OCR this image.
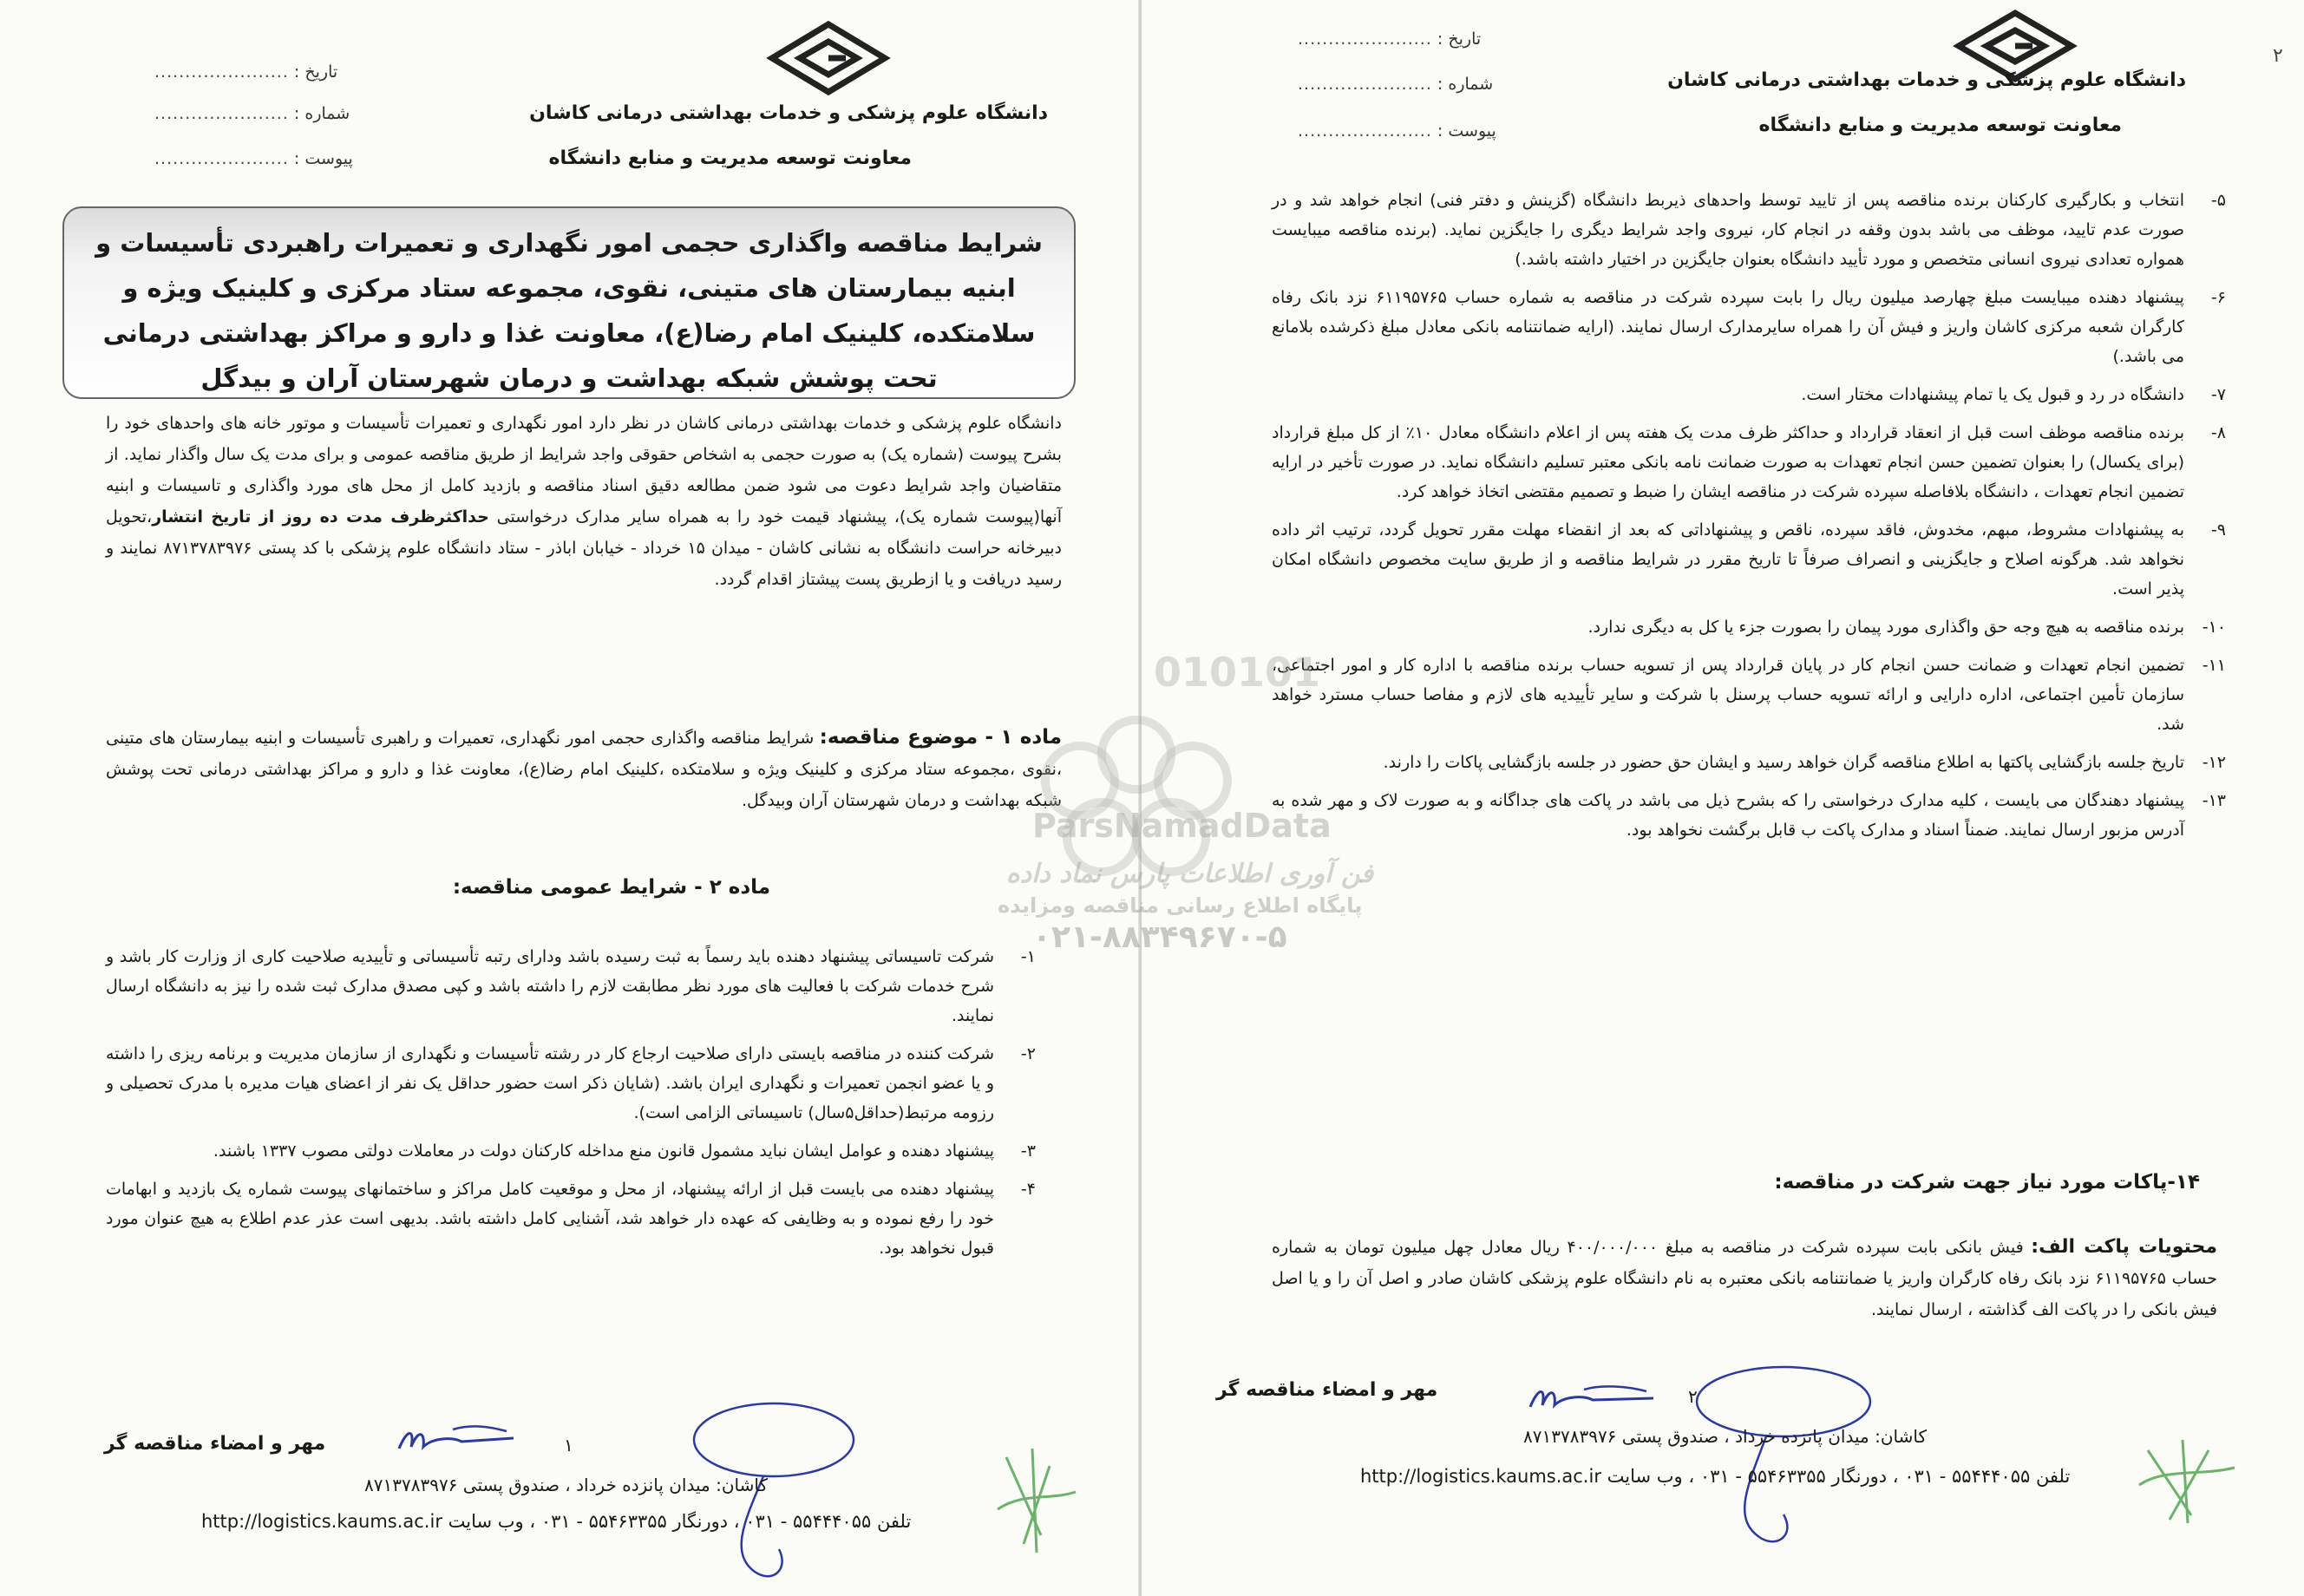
دانشگاه علوم پزشکی و خدمات بهداشتی درمانی کاشان
معاونت توسعه مدیریت و منابع دانشگاه
تاریخ : ......................
شماره : ......................
پیوست : ......................
شرایط مناقصه واگذاری حجمی امور نگهداری و تعمیرات راهبردی تأسیسات و ابنیه بیمارستان های متینی، نقوی، مجموعه ستاد مرکزی و کلینیک ویژه و سلامتکده، کلینیک امام رضا(ع)، معاونت غذا و دارو و مراکز بهداشتی درمانی تحت پوشش شبکه بهداشت و درمان شهرستان آران و بیدگل
دانشگاه علوم پزشکی و خدمات بهداشتی درمانی کاشان در نظر دارد امور نگهداری و تعمیرات تأسیسات و موتور خانه های واحدهای خود را بشرح پیوست (شماره یک) به صورت حجمی به اشخاص حقوقی واجد شرایط از طریق مناقصه عمومی و برای مدت یک سال واگذار نماید. از متقاضیان واجد شرایط دعوت می شود ضمن مطالعه دقیق اسناد مناقصه و بازدید کامل از محل های مورد واگذاری و تاسیسات و ابنیه آنها(پیوست شماره یک)، پیشنهاد قیمت خود را به همراه سایر مدارک درخواستی حداکثرظرف مدت ده روز از تاریخ انتشار،تحویل دبیرخانه حراست دانشگاه به نشانی کاشان - میدان ۱۵ خرداد - خیابان اباذر - ستاد دانشگاه علوم پزشکی با کد پستی ۸۷۱۳۷۸۳۹۷۶ نمایند و رسید دریافت و یا ازطریق پست پیشتاز اقدام گردد.
ماده ۱ - موضوع مناقصه: شرایط مناقصه واگذاری حجمی امور نگهداری، تعمیرات و راهبری تأسیسات و ابنیه بیمارستان های متینی ،نقوی ،مجموعه ستاد مرکزی و کلینیک ویژه و سلامتکده ،کلینیک امام رضا(ع)، معاونت غذا و دارو و مراکز بهداشتی درمانی تحت پوشش شبکه بهداشت و درمان شهرستان آران وبیدگل.
ماده ۲ - شرایط عمومی مناقصه:
۱-
شرکت تاسیساتی پیشنهاد دهنده باید رسماً به ثبت رسیده باشد ودارای رتبه تأسیساتی و تأییدیه صلاحیت کاری از وزارت کار باشد و شرح خدمات شرکت با فعالیت های مورد نظر مطابقت لازم را داشته باشد و کپی مصدق مدارک ثبت شده را نیز به دانشگاه ارسال نمایند.
۲-
شرکت کننده در مناقصه بایستی دارای صلاحیت ارجاع کار در رشته تأسیسات و نگهداری از سازمان مدیریت و برنامه ریزی را داشته و یا عضو انجمن تعمیرات و نگهداری ایران باشد. (شایان ذکر است حضور حداقل یک نفر از اعضای هیات مدیره با مدرک تحصیلی و رزومه مرتبط(حداقل۵سال) تاسیساتی الزامی است).
۳-
پیشنهاد دهنده و عوامل ایشان نباید مشمول قانون منع مداخله کارکنان دولت در معاملات دولتی مصوب ۱۳۳۷ باشند.
۴-
پیشنهاد دهنده می بایست قبل از ارائه پیشنهاد، از محل و موقعیت کامل مراکز و ساختمانهای پیوست شماره یک بازدید و ابهامات خود را رفع نموده و به وظایفی که عهده دار خواهد شد، آشنایی کامل داشته باشد. بدیهی است عذر عدم اطلاع به هیچ عنوان مورد قبول نخواهد بود.
مهر و امضاء مناقصه گر	۱
کاشان: میدان پانزده خرداد ، صندوق پستی ۸۷۱۳۷۸۳۹۷۶
تلفن ۵۵۴۴۴۰۵۵ - ۰۳۱ ، دورنگار ۵۵۴۶۳۳۵۵ - ۰۳۱ ، وب سایت http://logistics.kaums.ac.ir
۲
دانشگاه علوم پزشکی و خدمات بهداشتی درمانی کاشان
معاونت توسعه مدیریت و منابع دانشگاه
تاریخ : ......................
شماره : ......................
پیوست : ......................
۵-
انتخاب و بکارگیری کارکنان برنده مناقصه پس از تایید توسط واحدهای ذیربط دانشگاه (گزینش و دفتر فنی) انجام خواهد شد و در صورت عدم تایید، موظف می باشد بدون وقفه در انجام کار، نیروی واجد شرایط دیگری را جایگزین نماید. (برنده مناقصه میبایست همواره تعدادی نیروی انسانی متخصص و مورد تأیید دانشگاه بعنوان جایگزین در اختیار داشته باشد.)
۶-
پیشنهاد دهنده میبایست مبلغ چهارصد میلیون ریال را بابت سپرده شرکت در مناقصه به شماره حساب ۶۱۱۹۵۷۶۵ نزد بانک رفاه کارگران شعبه مرکزی کاشان واریز و فیش آن را همراه سایرمدارک ارسال نمایند. (ارایه ضمانتنامه بانکی معادل مبلغ ذکرشده بلامانع می باشد.)
۷-
دانشگاه در رد و قبول یک یا تمام پیشنهادات مختار است.
۸-
برنده مناقصه موظف است قبل از انعقاد قرارداد و حداکثر ظرف مدت یک هفته پس از اعلام دانشگاه معادل ۱۰٪ از کل مبلغ قرارداد (برای یکسال) را بعنوان تضمین حسن انجام تعهدات به صورت ضمانت نامه بانکی معتبر تسلیم دانشگاه نماید. در صورت تأخیر در ارایه تضمین انجام تعهدات ، دانشگاه بلافاصله سپرده شرکت در مناقصه ایشان را ضبط و تصمیم مقتضی اتخاذ خواهد کرد.
۹-
به پیشنهادات مشروط، مبهم، مخدوش، فاقد سپرده، ناقص و پیشنهاداتی که بعد از انقضاء مهلت مقرر تحویل گردد، ترتیب اثر داده نخواهد شد. هرگونه اصلاح و جایگزینی و انصراف صرفاً تا تاریخ مقرر در شرایط مناقصه و از طریق سایت مخصوص دانشگاه امکان پذیر است.
۱۰-
برنده مناقصه به هیچ وجه حق واگذاری مورد پیمان را بصورت جزء یا کل به دیگری ندارد.
۱۱-
تضمین انجام تعهدات و ضمانت حسن انجام کار در پایان قرارداد پس از تسویه حساب برنده مناقصه با اداره کار و امور اجتماعی، سازمان تأمین اجتماعی، اداره دارایی و ارائه تسویه حساب پرسنل با شرکت و سایر تأییدیه های لازم و مفاصا حساب مسترد خواهد شد.
۱۲-
تاریخ جلسه بازگشایی پاکتها به اطلاع مناقصه گران خواهد رسید و ایشان حق حضور در جلسه بازگشایی پاکات را دارند.
۱۳-
پیشنهاد دهندگان می بایست ، کلیه مدارک درخواستی را که بشرح ذیل می باشد در پاکت های جداگانه و به صورت لاک و مهر شده به آدرس مزبور ارسال نمایند. ضمناً اسناد و مدارک پاکت ب قابل برگشت نخواهد بود.
۱۴-پاکات مورد نیاز جهت شرکت در مناقصه:
محتویات پاکت الف: فیش بانکی بابت سپرده شرکت در مناقصه به مبلغ ۴۰۰/۰۰۰/۰۰۰ ریال معادل چهل میلیون تومان به شماره حساب ۶۱۱۹۵۷۶۵ نزد بانک رفاه کارگران واریز یا ضمانتنامه بانکی معتبره به نام دانشگاه علوم پزشکی کاشان صادر و اصل آن را و یا اصل فیش بانکی را در پاکت الف گذاشته ، ارسال نمایند.
مهر و امضاء مناقصه گر	۲
کاشان: میدان پانزده خرداد ، صندوق پستی ۸۷۱۳۷۸۳۹۷۶
تلفن ۵۵۴۴۴۰۵۵ - ۰۳۱ ، دورنگار ۵۵۴۶۳۳۵۵ - ۰۳۱ ، وب سایت http://logistics.kaums.ac.ir
010101
ParsNamadData
فن آوری اطلاعات پارس نماد داده
پایگاه اطلاع رسانی مناقصه ومزایده
۰۲۱-۸۸۳۴۹۶۷۰-۵
